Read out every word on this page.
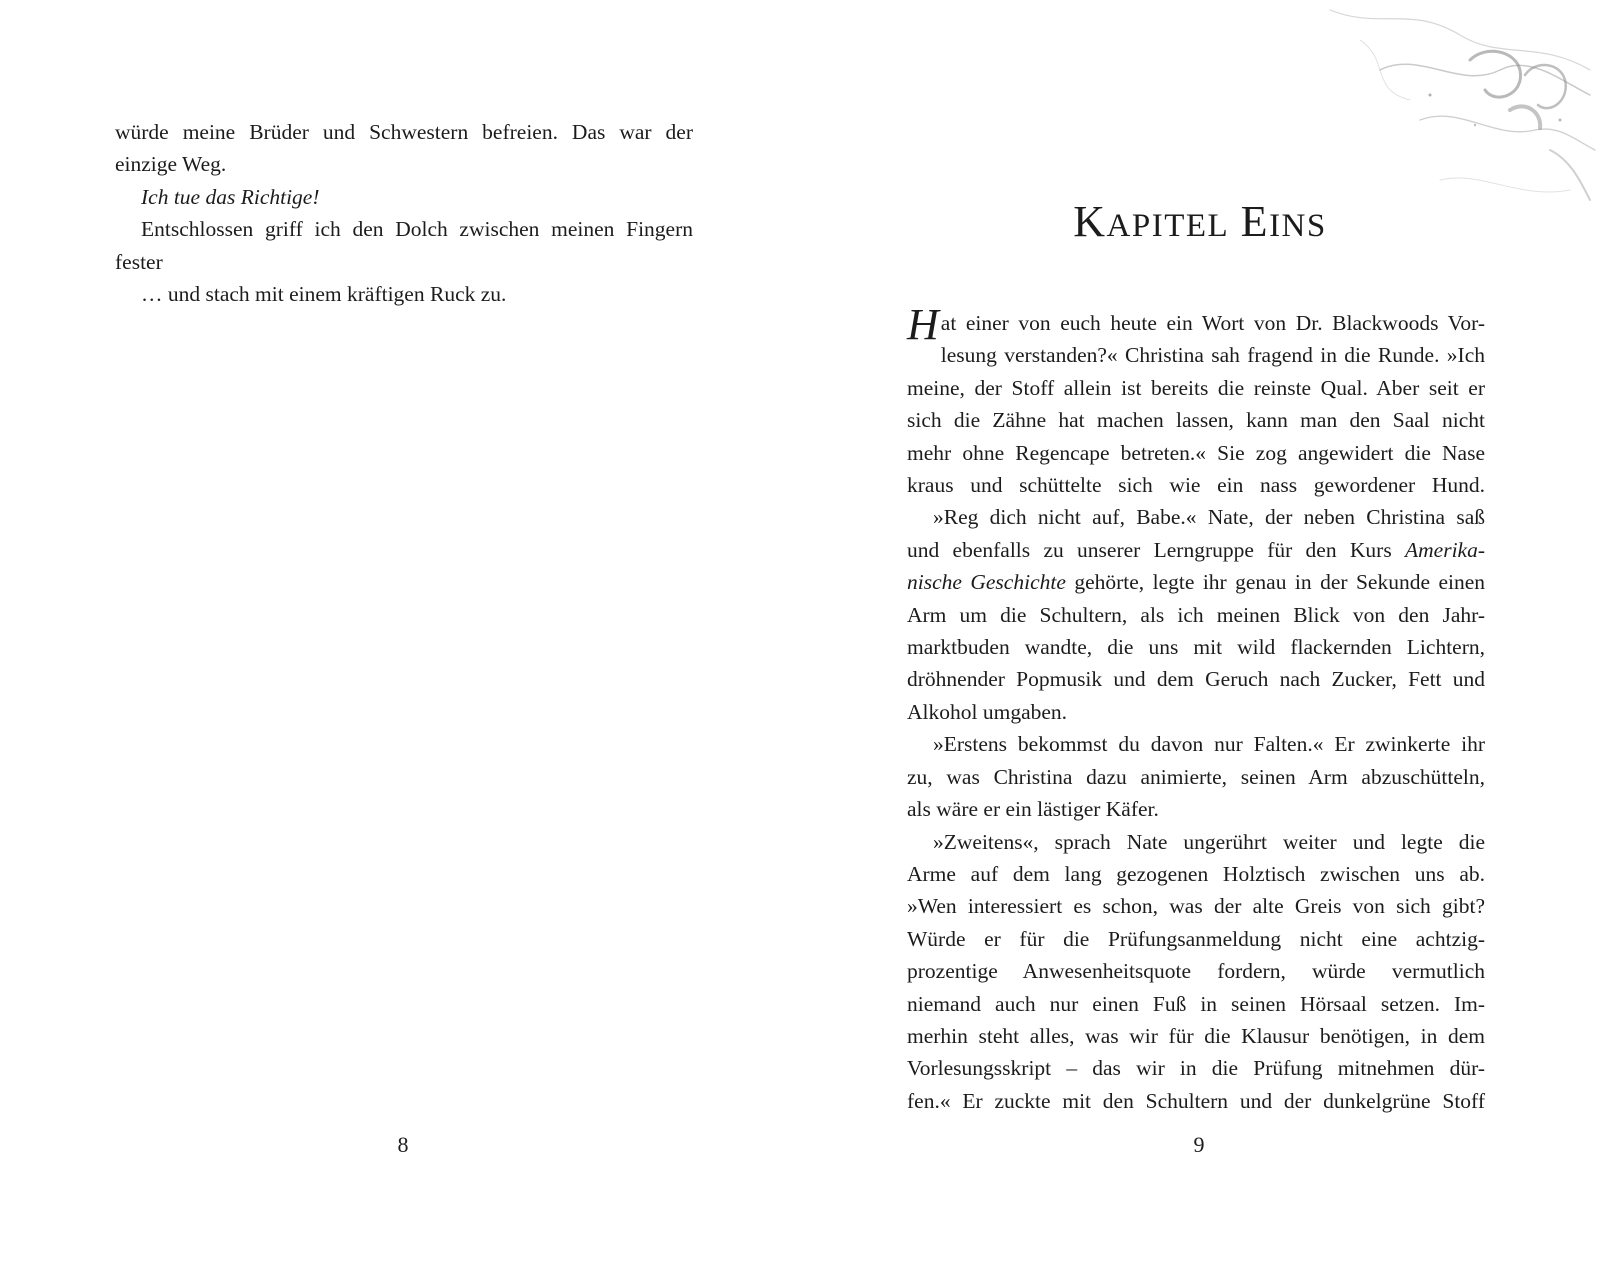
würde meine Brüder und Schwestern befreien. Das war der

einzige Weg.

Ich tue das Richtige!

Entschlossen griff ich den Dolch zwischen meinen Fingern

fester

… und stach mit einem kräftigen Ruck zu.

8
KAPITEL EINS

Hat einer von euch heute ein Wort von Dr. Blackwoods Vor-

lesung verstanden?« Christina sah fragend in die Runde. »Ich

meine, der Stoff allein ist bereits die reinste Qual. Aber seit er

sich die Zähne hat machen lassen, kann man den Saal nicht

mehr ohne Regencape betreten.« Sie zog angewidert die Nase

kraus und schüttelte sich wie ein nass gewordener Hund.

»Reg dich nicht auf, Babe.« Nate, der neben Christina saß

und ebenfalls zu unserer Lerngruppe für den Kurs Amerika-

nische Geschichte gehörte, legte ihr genau in der Sekunde einen

Arm um die Schultern, als ich meinen Blick von den Jahr-

marktbuden wandte, die uns mit wild flackernden Lichtern,

dröhnender Popmusik und dem Geruch nach Zucker, Fett und

Alkohol umgaben.

»Erstens bekommst du davon nur Falten.« Er zwinkerte ihr

zu, was Christina dazu animierte, seinen Arm abzuschütteln,

als wäre er ein lästiger Käfer.

»Zweitens«, sprach Nate ungerührt weiter und legte die

Arme auf dem lang gezogenen Holztisch zwischen uns ab.

»Wen interessiert es schon, was der alte Greis von sich gibt?

Würde er für die Prüfungsanmeldung nicht eine achtzig-

prozentige Anwesenheitsquote fordern, würde vermutlich

niemand auch nur einen Fuß in seinen Hörsaal setzen. Im-

merhin steht alles, was wir für die Klausur benötigen, in dem

Vorlesungsskript – das wir in die Prüfung mitnehmen dür-

fen.« Er zuckte mit den Schultern und der dunkelgrüne Stoff

9
